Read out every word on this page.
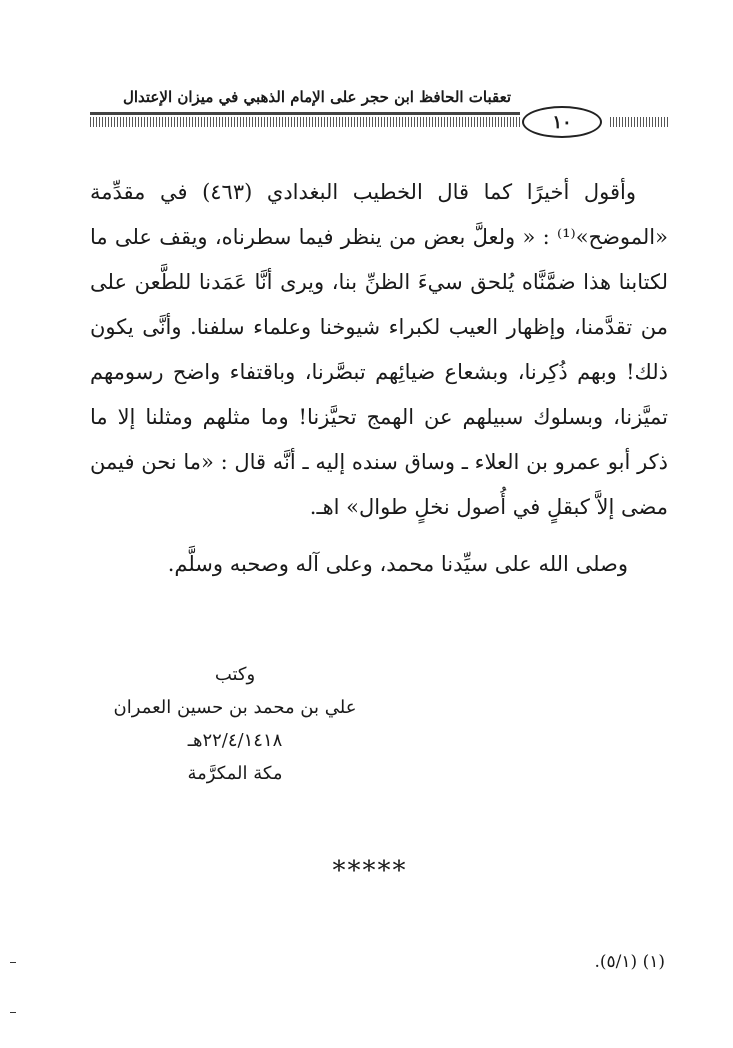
تعقبات الحافظ ابن حجر على الإمام الذهبي في ميزان الإعتدال
١٠

وأقول أخيرًا كما قال الخطيب البغدادي (٤٦٣) في مقدِّمة «الموضح»⁽¹⁾ : « ولعلَّ بعض من ينظر فيما سطرناه، ويقف على ما لكتابنا هذا ضمَّنَّاه يُلحق سيءَ الظنِّ بنا، ويرى أنَّا عَمَدنا للطَّعن على من تقدَّمنا، وإظهار العيب لكبراء شيوخنا وعلماء سلفنا. وأنَّى يكون ذلك! وبهم ذُكِرنا، وبشعاع ضيائِهم تبصَّرنا، وباقتفاء واضح رسومهم تميَّزنا، وبسلوك سبيلهم عن الهمج تحيَّزنا! وما مثلهم ومثلنا إلا ما ذكر أبو عمرو بن العلاء ـ وساق سنده إليه ـ أنَّه قال : «ما نحن فيمن مضى إلاَّ كبقلٍ في أُصول نخلٍ طوال» اهـ.

وصلى الله على سيِّدنا محمد، وعلى آله وصحبه وسلَّم.
وكتب
علي بن محمد بن حسين العمران
٢٢/٤/١٤١٨هـ
مكة المكرَّمة
*****
(١) (٥/١).
